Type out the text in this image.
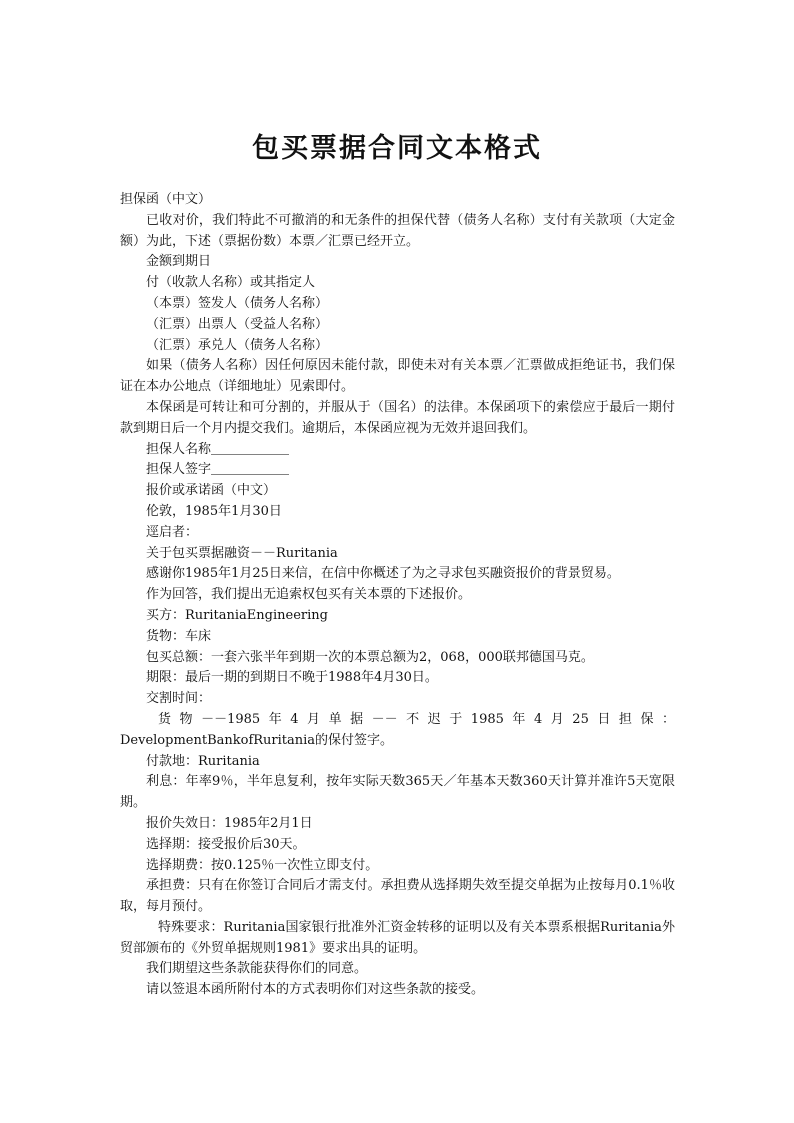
包买票据合同文本格式

担保函（中文）

已收对价，我们特此不可撤消的和无条件的担保代替（债务人名称）支付有关款项（大定金额）为此，下述（票据份数）本票／汇票已经开立。

金额到期日

付（收款人名称）或其指定人

（本票）签发人（债务人名称）

（汇票）出票人（受益人名称）

（汇票）承兑人（债务人名称）

如果（债务人名称）因任何原因未能付款，即使未对有关本票／汇票做成拒绝证书，我们保证在本办公地点（详细地址）见索即付。

本保函是可转让和可分割的，并服从于（国名）的法律。本保函项下的索偿应于最后一期付款到期日后一个月内提交我们。逾期后，本保函应视为无效并退回我们。

担保人名称＿＿＿＿＿＿

担保人签字＿＿＿＿＿＿

报价或承诺函（中文）

伦敦，1985年1月30日

逕启者：

关于包买票据融资－－Ruritania

感谢你1985年1月25日来信，在信中你概述了为之寻求包买融资报价的背景贸易。

作为回答，我们提出无追索权包买有关本票的下述报价。

买方：RuritaniaEngineering

货物：车床

包买总额：一套六张半年到期一次的本票总额为2，068，000联邦德国马克。

期限：最后一期的到期日不晚于1988年4月30日。

交割时间：

货物－－1985年4月单据－－不迟于1985年4月25日担保：DevelopmentBankofRuritania的保付签字。

付款地：Ruritania

利息：年率9％，半年息复利，按年实际天数365天／年基本天数360天计算并准许5天宽限期。

报价失效日：1985年2月1日

选择期：接受报价后30天。

选择期费：按0.125％一次性立即支付。

承担费：只有在你签订合同后才需支付。承担费从选择期失效至提交单据为止按每月0.1％收取，每月预付。

特殊要求：Ruritania国家银行批准外汇资金转移的证明以及有关本票系根据Ruritania外贸部颁布的《外贸单据规则1981》要求出具的证明。

我们期望这些条款能获得你们的同意。

请以签退本函所附付本的方式表明你们对这些条款的接受。
